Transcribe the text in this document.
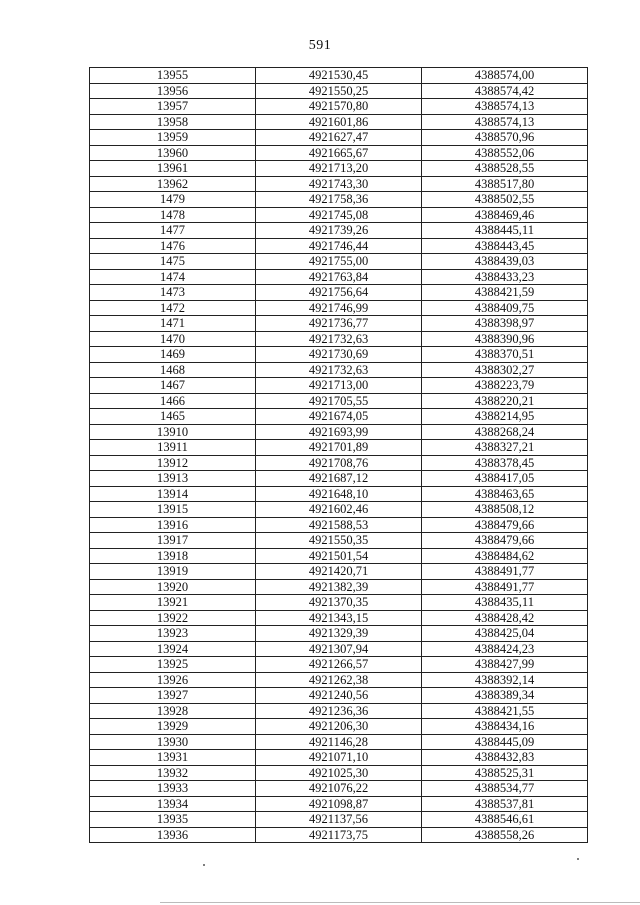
591
13955	4921530,45	4388574,00
13956	4921550,25	4388574,42
13957	4921570,80	4388574,13
13958	4921601,86	4388574,13
13959	4921627,47	4388570,96
13960	4921665,67	4388552,06
13961	4921713,20	4388528,55
13962	4921743,30	4388517,80
1479	4921758,36	4388502,55
1478	4921745,08	4388469,46
1477	4921739,26	4388445,11
1476	4921746,44	4388443,45
1475	4921755,00	4388439,03
1474	4921763,84	4388433,23
1473	4921756,64	4388421,59
1472	4921746,99	4388409,75
1471	4921736,77	4388398,97
1470	4921732,63	4388390,96
1469	4921730,69	4388370,51
1468	4921732,63	4388302,27
1467	4921713,00	4388223,79
1466	4921705,55	4388220,21
1465	4921674,05	4388214,95
13910	4921693,99	4388268,24
13911	4921701,89	4388327,21
13912	4921708,76	4388378,45
13913	4921687,12	4388417,05
13914	4921648,10	4388463,65
13915	4921602,46	4388508,12
13916	4921588,53	4388479,66
13917	4921550,35	4388479,66
13918	4921501,54	4388484,62
13919	4921420,71	4388491,77
13920	4921382,39	4388491,77
13921	4921370,35	4388435,11
13922	4921343,15	4388428,42
13923	4921329,39	4388425,04
13924	4921307,94	4388424,23
13925	4921266,57	4388427,99
13926	4921262,38	4388392,14
13927	4921240,56	4388389,34
13928	4921236,36	4388421,55
13929	4921206,30	4388434,16
13930	4921146,28	4388445,09
13931	4921071,10	4388432,83
13932	4921025,30	4388525,31
13933	4921076,22	4388534,77
13934	4921098,87	4388537,81
13935	4921137,56	4388546,61
13936	4921173,75	4388558,26
